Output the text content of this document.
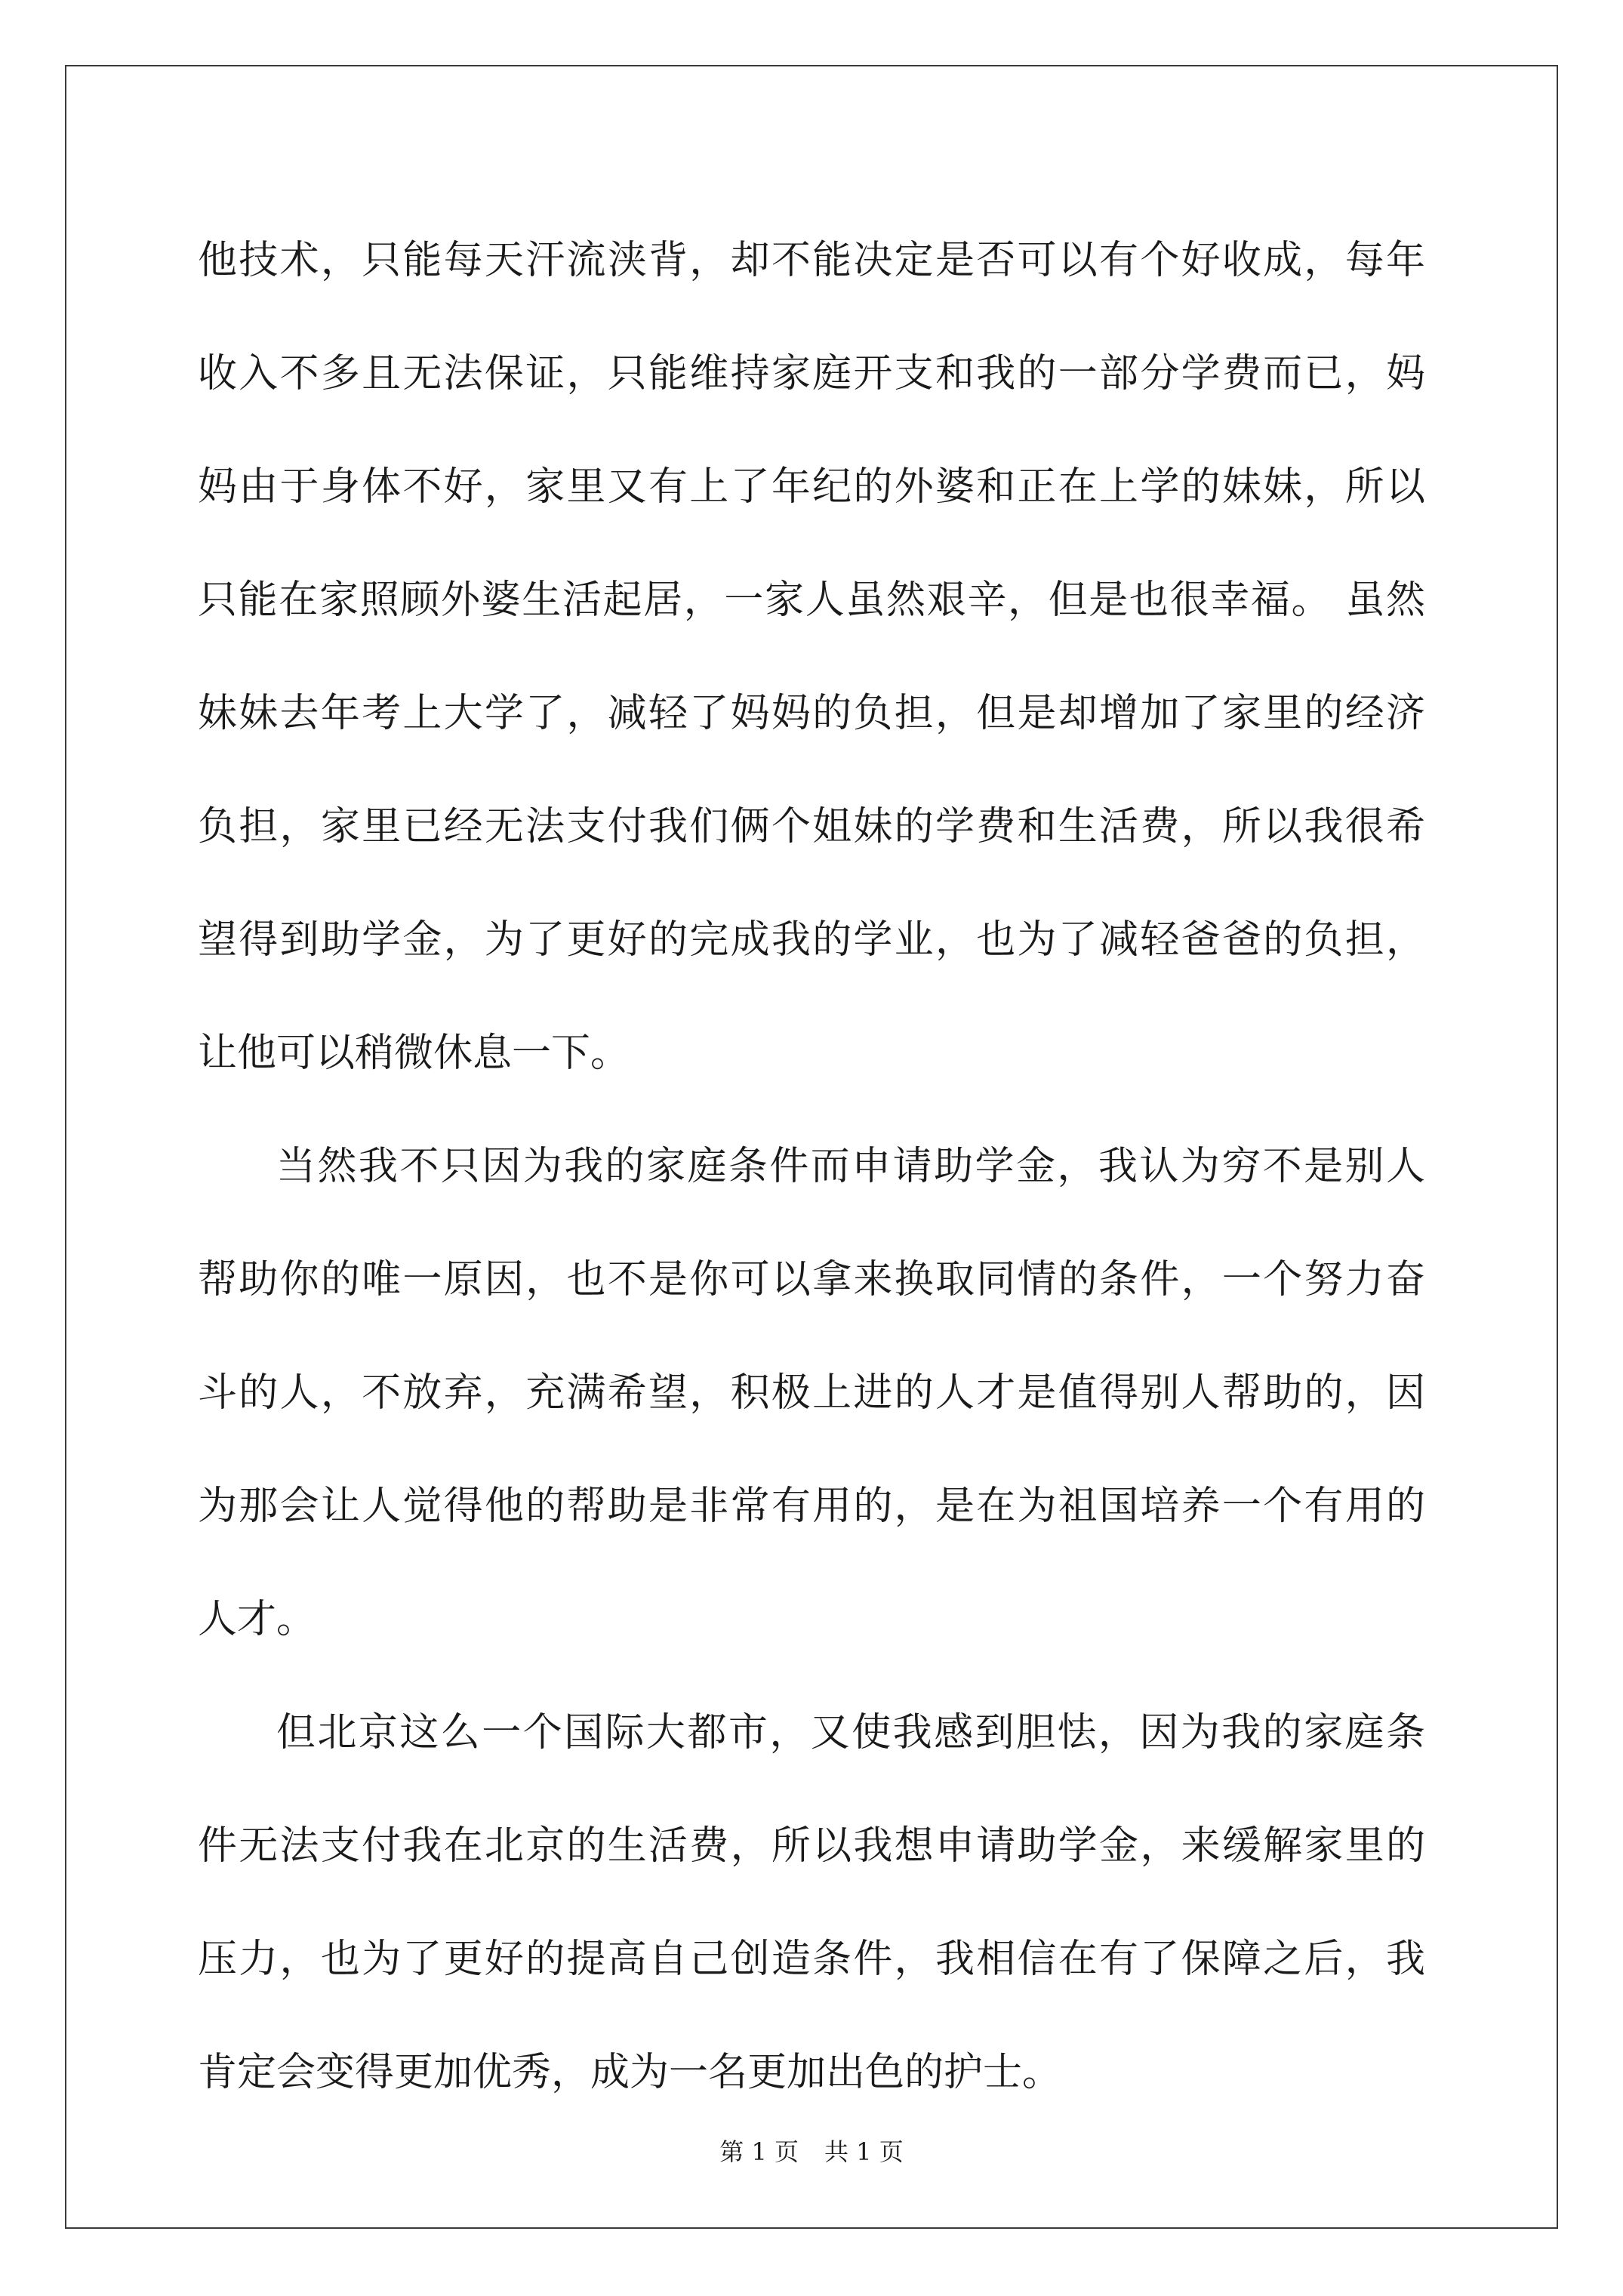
他技术，只能每天汗流浃背，却不能决定是否可以有个好收成，每年
收入不多且无法保证，只能维持家庭开支和我的一部分学费而已，妈
妈由于身体不好，家里又有上了年纪的外婆和正在上学的妹妹，所以
只能在家照顾外婆生活起居，一家人虽然艰辛，但是也很幸福。 虽然
妹妹去年考上大学了，减轻了妈妈的负担，但是却增加了家里的经济
负担，家里已经无法支付我们俩个姐妹的学费和生活费，所以我很希
望得到助学金，为了更好的完成我的学业，也为了减轻爸爸的负担，
让他可以稍微休息一下。
当然我不只因为我的家庭条件而申请助学金，我认为穷不是别人
帮助你的唯一原因，也不是你可以拿来换取同情的条件，一个努力奋
斗的人，不放弃，充满希望，积极上进的人才是值得别人帮助的，因
为那会让人觉得他的帮助是非常有用的，是在为祖国培养一个有用的
人才。
但北京这么一个国际大都市，又使我感到胆怯，因为我的家庭条
件无法支付我在北京的生活费，所以我想申请助学金，来缓解家里的
压力，也为了更好的提高自己创造条件，我相信在有了保障之后，我
肯定会变得更加优秀，成为一名更加出色的护士。
第 1 页 共 1 页
